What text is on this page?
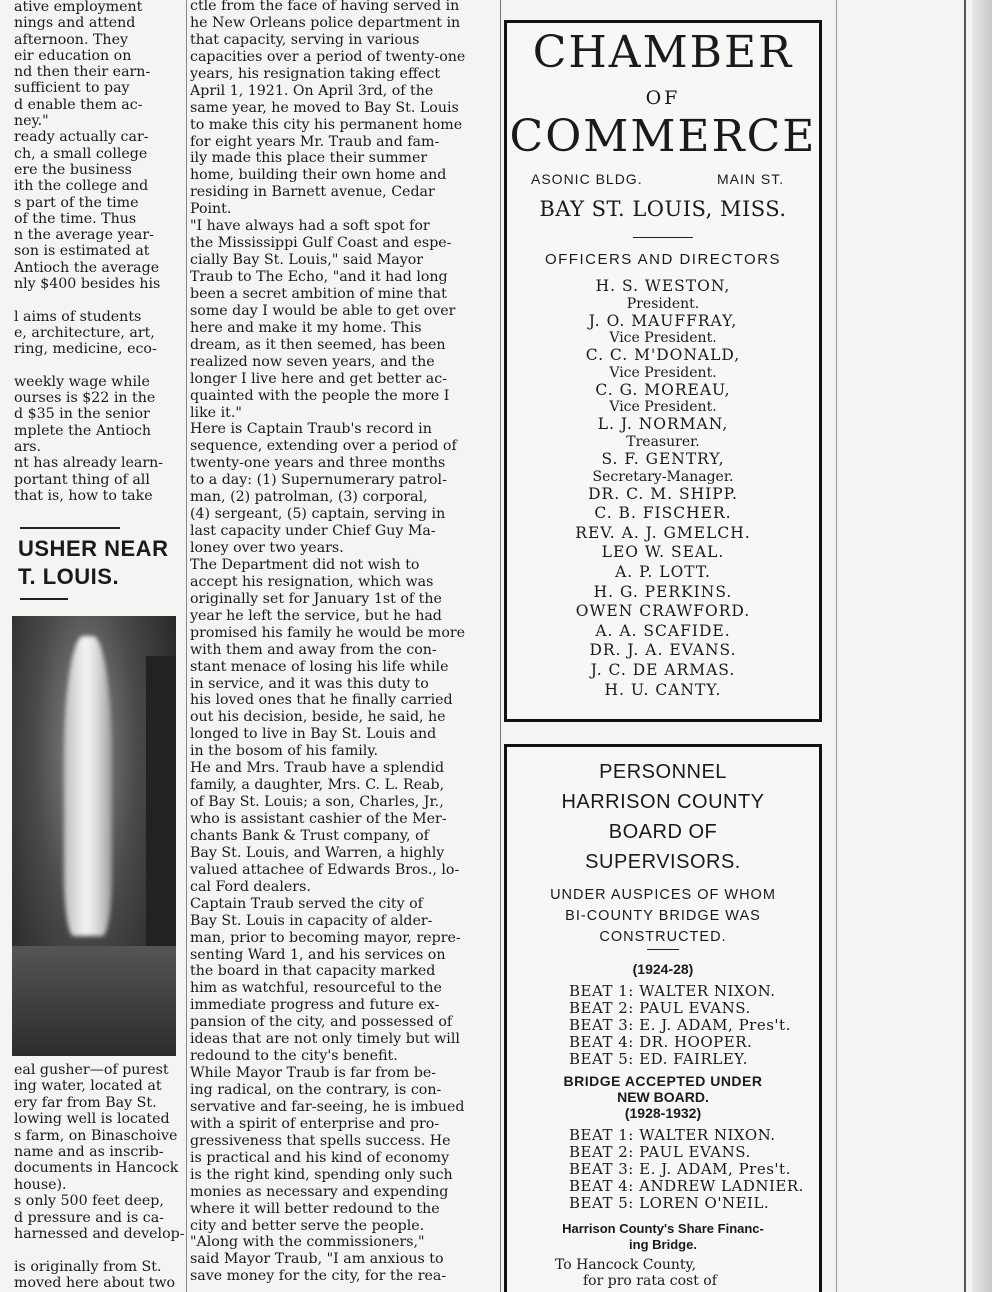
ative employment
nings and attend
afternoon. They
eir education on
nd then their earn-
sufficient to pay
d enable them ac-
ney."
ready actually car-
ch, a small college
ere the business
ith the college and
s part of the time
of the time. Thus
n the average year-
son is estimated at
Antioch the average
nly $400 besides his
l aims of students
e, architecture, art,
ring, medicine, eco-
weekly wage while
ourses is $22 in the
d $35 in the senior
mplete the Antioch
ars.
nt has already learn-
portant thing of all
that is, how to take
USHER NEAR
T. LOUIS.
eal gusher—of purest
ing water, located at
ery far from Bay St.
lowing well is located
s farm, on Binaschoive
name and as inscrib-
documents in Hancock
house).
s only 500 feet deep,
d pressure and is ca-
harnessed and develop-
is originally from St.
moved here about two
ctle from the face of having served in
he New Orleans police department in
that capacity, serving in various
capacities over a period of twenty-one
years, his resignation taking effect
April 1, 1921. On April 3rd, of the
same year, he moved to Bay St. Louis
to make this city his permanent home
for eight years Mr. Traub and fam-
ily made this place their summer
home, building their own home and
residing in Barnett avenue, Cedar
Point.
"I have always had a soft spot for
the Mississippi Gulf Coast and espe-
cially Bay St. Louis," said Mayor
Traub to The Echo, "and it had long
been a secret ambition of mine that
some day I would be able to get over
here and make it my home. This
dream, as it then seemed, has been
realized now seven years, and the
longer I live here and get better ac-
quainted with the people the more I
like it."
Here is Captain Traub's record in
sequence, extending over a period of
twenty-one years and three months
to a day: (1) Supernumerary patrol-
man, (2) patrolman, (3) corporal,
(4) sergeant, (5) captain, serving in
last capacity under Chief Guy Ma-
loney over two years.
The Department did not wish to
accept his resignation, which was
originally set for January 1st of the
year he left the service, but he had
promised his family he would be more
with them and away from the con-
stant menace of losing his life while
in service, and it was this duty to
his loved ones that he finally carried
out his decision, beside, he said, he
longed to live in Bay St. Louis and
in the bosom of his family.
He and Mrs. Traub have a splendid
family, a daughter, Mrs. C. L. Reab,
of Bay St. Louis; a son, Charles, Jr.,
who is assistant cashier of the Mer-
chants Bank & Trust company, of
Bay St. Louis, and Warren, a highly
valued attachee of Edwards Bros., lo-
cal Ford dealers.
Captain Traub served the city of
Bay St. Louis in capacity of alder-
man, prior to becoming mayor, repre-
senting Ward 1, and his services on
the board in that capacity marked
him as watchful, resourceful to the
immediate progress and future ex-
pansion of the city, and possessed of
ideas that are not only timely but will
redound to the city's benefit.
While Mayor Traub is far from be-
ing radical, on the contrary, is con-
servative and far-seeing, he is imbued
with a spirit of enterprise and pro-
gressiveness that spells success. He
is practical and his kind of economy
is the right kind, spending only such
monies as necessary and expending
where it will better redound to the
city and better serve the people.
"Along with the commissioners,"
said Mayor Traub, "I am anxious to
save money for the city, for the rea-
CHAMBER
OF
COMMERCE
ASONIC BLDG.	MAIN ST.
BAY ST. LOUIS, MISS.
OFFICERS AND DIRECTORS
H. S. WESTON,
President.
J. O. MAUFFRAY,
Vice President.
C. C. M'DONALD,
Vice President.
C. G. MOREAU,
Vice President.
L. J. NORMAN,
Treasurer.
S. F. GENTRY,
Secretary-Manager.
DR. C. M. SHIPP.
C. B. FISCHER.
REV. A. J. GMELCH.
LEO W. SEAL.
A. P. LOTT.
H. G. PERKINS.
OWEN CRAWFORD.
A. A. SCAFIDE.
DR. J. A. EVANS.
J. C. DE ARMAS.
H. U. CANTY.
PERSONNEL
HARRISON COUNTY
BOARD OF
SUPERVISORS.
UNDER AUSPICES OF WHOM
BI-COUNTY BRIDGE WAS
CONSTRUCTED.
(1924-28)
BEAT 1: WALTER NIXON.
BEAT 2: PAUL EVANS.
BEAT 3: E. J. ADAM, Pres't.
BEAT 4: DR. HOOPER.
BEAT 5: ED. FAIRLEY.
BRIDGE ACCEPTED UNDER
NEW BOARD.
(1928-1932)
BEAT 1: WALTER NIXON.
BEAT 2: PAUL EVANS.
BEAT 3: E. J. ADAM, Pres't.
BEAT 4: ANDREW LADNIER.
BEAT 5: LOREN O'NEIL.
Harrison County's Share Financ-
ing Bridge.
To Hancock County,
for pro rata cost of
